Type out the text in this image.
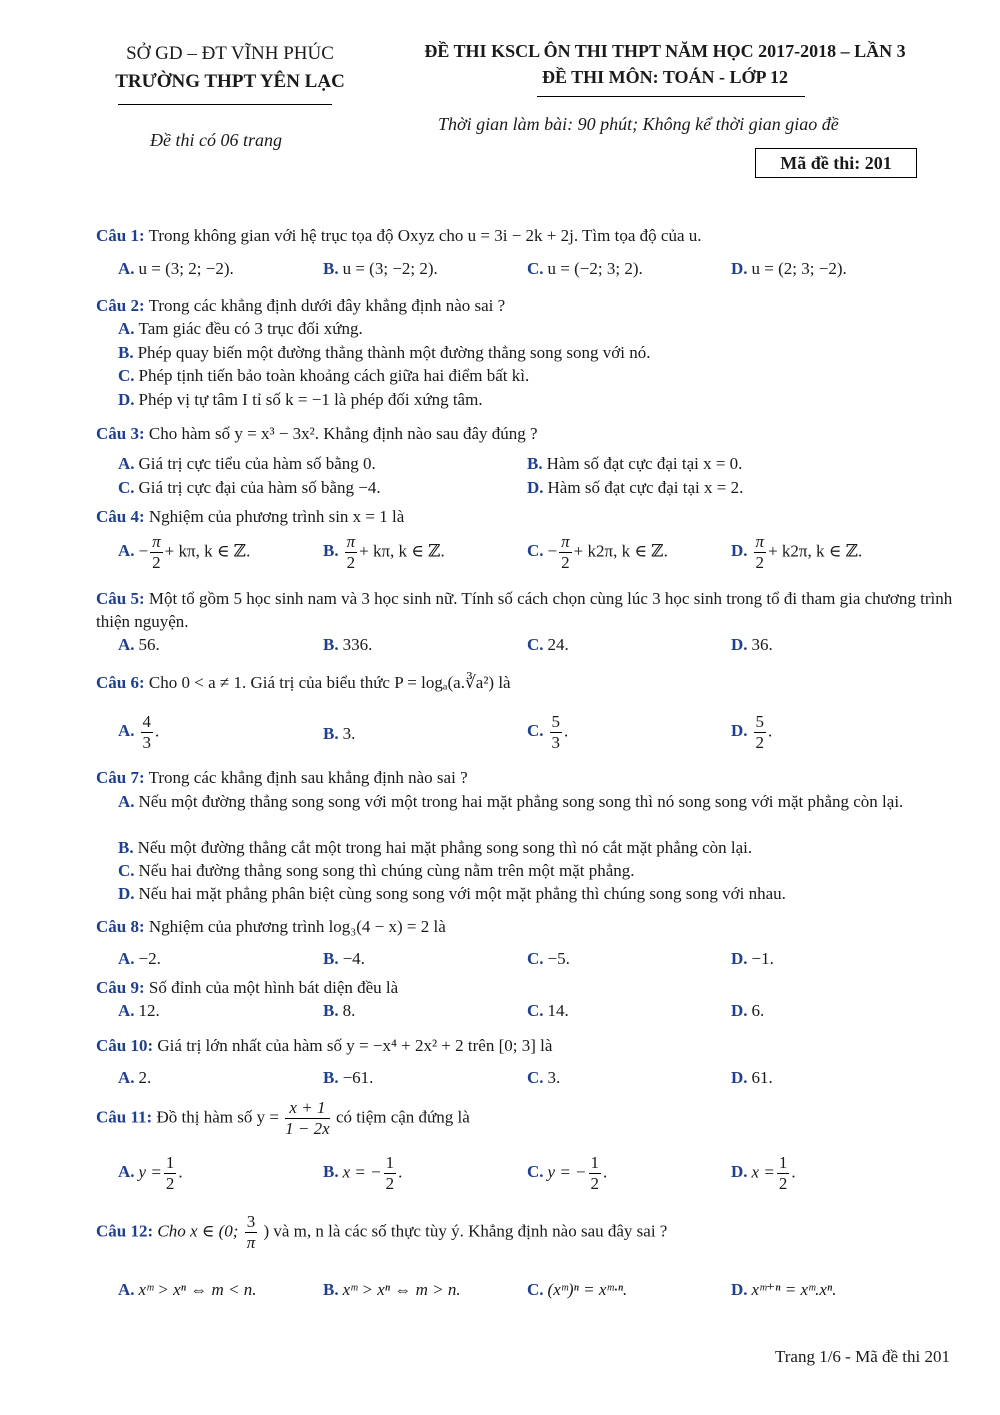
SỞ GD – ĐT VĨNH PHÚC
TRƯỜNG THPT YÊN LẠC
ĐỀ THI KSCL ÔN THI THPT NĂM HỌC 2017-2018 – LẦN 3
ĐỀ THI MÔN: TOÁN - LỚP 12
Đề thi có 06 trang
Thời gian làm bài: 90 phút; Không kể thời gian giao đề
Mã đề thi: 201
Câu 1: Trong không gian với hệ trục tọa độ Oxyz cho u = 3i − 2k + 2j. Tìm tọa độ của u.
A. u = (3; 2; −2).	B. u = (3; −2; 2).	C. u = (−2; 3; 2).	D. u = (2; 3; −2).
Câu 2: Trong các khẳng định dưới đây khẳng định nào sai ?
A. Tam giác đều có 3 trục đối xứng.
B. Phép quay biến một đường thẳng thành một đường thẳng song song với nó.
C. Phép tịnh tiến bảo toàn khoảng cách giữa hai điểm bất kì.
D. Phép vị tự tâm I tỉ số k = −1 là phép đối xứng tâm.
Câu 3: Cho hàm số y = x³ − 3x². Khẳng định nào sau đây đúng ?
A. Giá trị cực tiểu của hàm số bằng 0.	B. Hàm số đạt cực đại tại x = 0.
C. Giá trị cực đại của hàm số bằng −4.	D. Hàm số đạt cực đại tại x = 2.
Câu 4: Nghiệm của phương trình sin x = 1 là
A. − $\frac{\pi}{2} + k\pi$, k ∈ ℤ.	B. $\frac{\pi}{2} + k\pi$, k ∈ ℤ.	C. − $\frac{\pi}{2} + k2\pi$, k ∈ ℤ.	D. $\frac{\pi}{2} + k2\pi$, k ∈ ℤ.
Câu 5: Một tổ gồm 5 học sinh nam và 3 học sinh nữ. Tính số cách chọn cùng lúc 3 học sinh trong tổ đi tham gia chương trình thiện nguyện.
A. 56.	B. 336.	C. 24.	D. 36.
Câu 6: Cho 0 < a ≠ 1. Giá trị của biểu thức P = logₐ(a.∛a²) là
A. $\frac{4}{3}$ .	B. 3.	C. $\frac{5}{3}$ .	D. $\frac{5}{2}$ .
Câu 7: Trong các khẳng định sau khẳng định nào sai ?
A. Nếu một đường thẳng song song với một trong hai mặt phẳng song song thì nó song song với mặt phẳng còn lại.
B. Nếu một đường thẳng cắt một trong hai mặt phẳng song song thì nó cắt mặt phẳng còn lại.
C. Nếu hai đường thẳng song song thì chúng cùng nằm trên một mặt phẳng.
D. Nếu hai mặt phẳng phân biệt cùng song song với một mặt phẳng thì chúng song song với nhau.
Câu 8: Nghiệm của phương trình log₃(4 − x) = 2 là
A. −2.	B. −4.	C. −5.	D. −1.
Câu 9: Số đỉnh của một hình bát diện đều là
A. 12.	B. 8.	C. 14.	D. 6.
Câu 10: Giá trị lớn nhất của hàm số y = −x⁴ + 2x² + 2 trên [0; 3] là
A. 2.	B. −61.	C. 3.	D. 61.
Câu 11: Đồ thị hàm số $y = \frac{x + 1}{1 - 2x}$ có tiệm cận đứng là
A. $y = \frac{1}{2}$ .	B. x = − $\frac{1}{2}$ .	C. y = − $\frac{1}{2}$ .	D. $x = \frac{1}{2}$ .
Câu 12: Cho x ∈ (0; $\frac{3}{\pi}$ ) và m, n là các số thực tùy ý. Khẳng định nào sau đây sai ?
A. xᵐ > xⁿ ⇔ m < n.	B. xᵐ > xⁿ ⇔ m > n.	C. (xᵐ)ⁿ = xᵐ·ⁿ.	D. xᵐ⁺ⁿ = xᵐ.xⁿ.
Trang 1/6 - Mã đề thi 201
